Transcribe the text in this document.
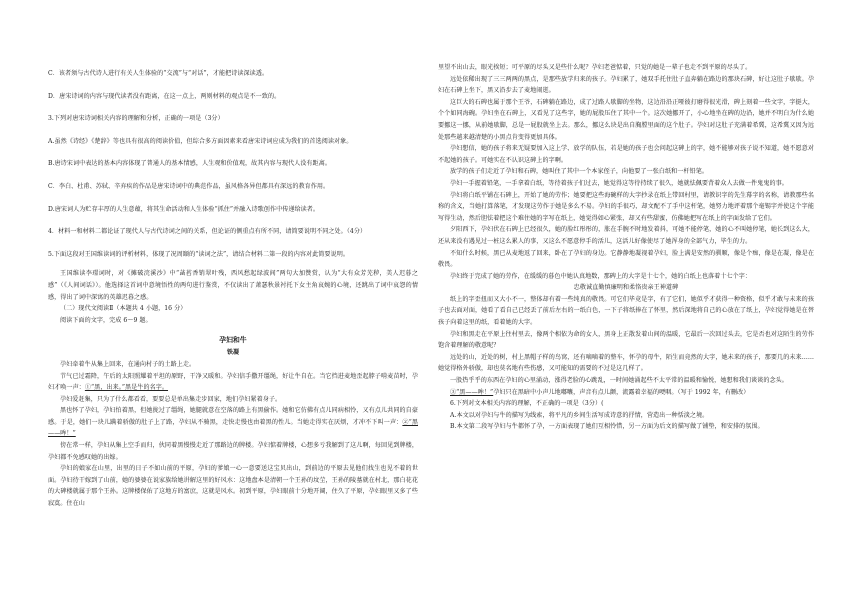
C．该者须与古代诗人进行有关人生体验的“交流”与“对话”，才能把诗读深读透。

D．唐宋诗词的内容与现代读者没有距离，在这一点上，两则材料的观点是不一致的。

3.下列对唐宋诗词相关内容的理解和分析，正确的一项是（3分）

A.虽然《诗经》《楚辞》等也具有很高的阅读价值，但综合多方面因素来看唐宋诗词应成为我们的首选阅读对象。

B.唐诗宋词中表达的基本内容体现了普通人的基本情感，人生观和价值观，故其内容与现代人没有距离。

C．李白、杜甫、苏轼、辛弃疾的作品是唐宋诗词中的典范作品，虽风格各异但都具有深远的教育作用。

D.唐宋词人为贮存丰厚的人生意蕴，将其生命活动和人生体验“抓住”并融入诗歌创作中传递给读者。

4．材料一和材料二都论证了现代人与古代诗词之间的关系，但论证的侧重点有所不同，请简要说明不同之处。（4分）

5.下面这段对王国维读词的评析材料，体现了况周颐的“读词之法”，请结合材料二第一段的内容对此简要说明。

王国维读李璟词时，对《摊破浣溪沙》中“菡萏香销翠叶残，西风愁起绿波间”两句大加赞赏，认为“大有众芳芜秽，美人迟暮之感”（《人间词话》）。他选择这首词中意境悟性的两句进行鉴赏，不仅读出了萧瑟秋景衬托下女主角哀婉的心境，还跳出了词中哀怨的情感，得出了词中深寓的英雄迟暮之感。

（二）现代文阅读Ⅱ（本题共 4 小题，16 分）

阅读下面的文字，完成 6～9 题。

孕妇和牛

铁凝

孕妇牵着牛从集上回来，在通向村子的土路上走。

节气已过霜降，午后的太阳照耀着平坦的原野，干净又暖和。孕妇信手撒开缰绳，好让牛自在。当它挡进麦地歪起脖子啃麦苗时，孕妇才唤一声：①“黑，出来。”黑是牛的名字。

孕妇爱赶集，只为了什么都看看，要要总是单出集走步回家，地们孕妇紧着身子。

黑也怀了孕妇，孕妇怕着黑，但她拢过了缰绳，她腿就意在空落的路上有黑偷作。她和它仿佛有点儿同病相怜，又有点儿共同的自豪感。于是，她们一块儿蹒着骄傲的肚子上了路，孕妇从不骑黑，走快走慢也由着黑的性儿。当她走得实在厌烦，才冲不下叫一声：②“黑——哞！”

傍在常一样，孕妇从集上空手而归，伙同着黑慢慢走近了那路边的牌楼。孕妇惦着牌楼，心想多亏我解到了这儿啊，每回见到牌楼，孕妇都不免感叹她的出嫁。

孕妇的娘家在山里，出里的日子不如山前的平原，孕妇的爹娘一心一意要送这宝贝出山，到前边的平原去见他们找生也见不着的世面。孕妇待干嫁到了山前，她的婆婆在说家族给她讲解这里的好风水：这地盘本是清朝一个王孙的坟茔，王孙的陵墓就在村北，那白花花的大碑楼就属于那个王孙。这牌楼保佑了这地方的富庶，这就是风水。初到平原，孕妇眼前十分地开阔，住久了平原，孕妇眼里又多了些寂寞。住在山

里望不出山去，眼光挨短；可平原的尽头又是些什么呢？孕妇老爸惦着，只觉的她是一辈子也走不到平原的尽头了。

远处依稀出现了三三两两的黑点，是那些放学归来的孩子。孕妇累了，她双手托住肚子直奔躺在路边的那块石碑，好让这肚子歇歇。孕妇在石碑上坐下，黑又沿步去了麦地闹逛。

这巨大的石碑也属于那个王爷，石碑躺在路边，成了过路人歇脚的坐物，这边沿沿正哑彼打磨得很光滑，碑上刻着一些文字，字挺大，个个如同海碗。孕妇坐在石碑上，又看见了这些字，她的屁股压住了其中一个。这次她挪开了，小心地坐在碑的边沿，她并不明白为什么她要挪这一挪，从前她歇脚，总是一屁股就坐上去。那么，挪这么块是出自胸膛里面的这个肚子。孕妇对这肚子充满着希冀，这希冀又因为远处那些越来越清楚的小黑点肯变得更加具体。

孕妇想信，她的孩子将来无疑要加入这上学、放学的队伍，若是她的孩子也会问起这碑上的字，她不能够对孩子说不知道，她不愿意对不起她的孩子。可她实在不认识这碑上的字啊。

放学的孩子们走近了孕妇和石碑，她叫住了其中一个本家侄子，向他要了一张白纸和一杆铅笔。

孕妇一手握着铅笔，一手拿着白纸，等待着孩子们过去，她觉得这等待持续了很久，她就怯佩要背着众人去做一件鬼鬼的事。

孕妇将白纸平铺在石碑上，开始了她的劳作；她要把这些海碗样的大字抄录在纸上带回村里，请教识字的先生幕字的名称，请教那些名称的含义，当她打算落笔，才发现这劳作于她是多么不易。孕妇的手很巧，却文配不了手中这杆笔，她努力地评着那个毫锡字并使这个字能写得生动，然后胆怯着把这个难住她的字写在纸上，她觉得如心紧张，却又有些甜蜜，仿佛她把写在纸上的字面发给了它们。

夕阳西下，孕妇伏在石碑上已经很久，她的脸红彤彤的，胀在手腕不时地发着抖，可她不能停笔，她的心不叫她停笔，她长到这么大，还从来没有遇见过一桩这么累人的事，又这么不愿意停手的活儿，这活儿好像使尽了她浑身的全部气力，毕生的力。

不知什么时候，黑已从麦地返了回来，卧在了孕妇的身边。它静静地凝视着孕妇，脸上满是安然的驯顺，像是个痴，像是在凝，像是在敬畏。

孕妇终于完成了她的劳作，在缓缓的暮色中她认真地数，那碑上的大字是十七个，她的白纸上也落着十七个字：

忠敬诚直勤慎廉明和柔恪贵亲王神道碑

纸上的字歪扭而又大小不一，整体却有着一些纯真的敬畏。可它们毕竟是字，有了它们，她似乎才获得一种资格，似乎才敢与未来的孩子也去面对面，她看了看自己已经丢了前后左右的一纸白色，一下子将纸捧在了怀里，然后深地将自己的心放在了纸上，孕妇觉得她是在替孩子向着这里的纸，看着她的大字。

孕妇和黑走在平原上往村里去，像两个相依为命的女人，黑身上正散发着山间的温暖，它最后一次回过头去，它是否也对这陌生的劳作饱含着理解的敬意呢？

远处的山，近处的树，村上黑帽子样的鸟窝，还有嘀嘀着的整车，怀孕的母牛，陌生而竟然的大字，她未来的孩子，那要几的未来……她觉得格外骄傲，却也莫名地有些伤感，又可能知的需要的不过是这几样了。

一股热乎乎的东西在孕妇的心里涌动，涨得老脸的心跳乱，一时间她涌起些不太平常的温暖和愉悦，她想和我们谈谈的念头。

③“黑——哞！”孕妇只在黑暗中小声儿地嘟囔，声音有点儿颤，流露着幸福的哽咽。（写于 1992 年，有删改）

6.下列对文本相关内容的理解，不正确的一项是（3分）(

A.本文以对孕妇与牛的描写为线索，将平凡的乡间生活写成诗意的抒情，营造出一种恬淡之境。

B.本文第二段写孕妇与牛都怀了孕，一方面表现了她们互相怜惜，另一方面为后文的描写做了铺垫，和安排的氛围。
